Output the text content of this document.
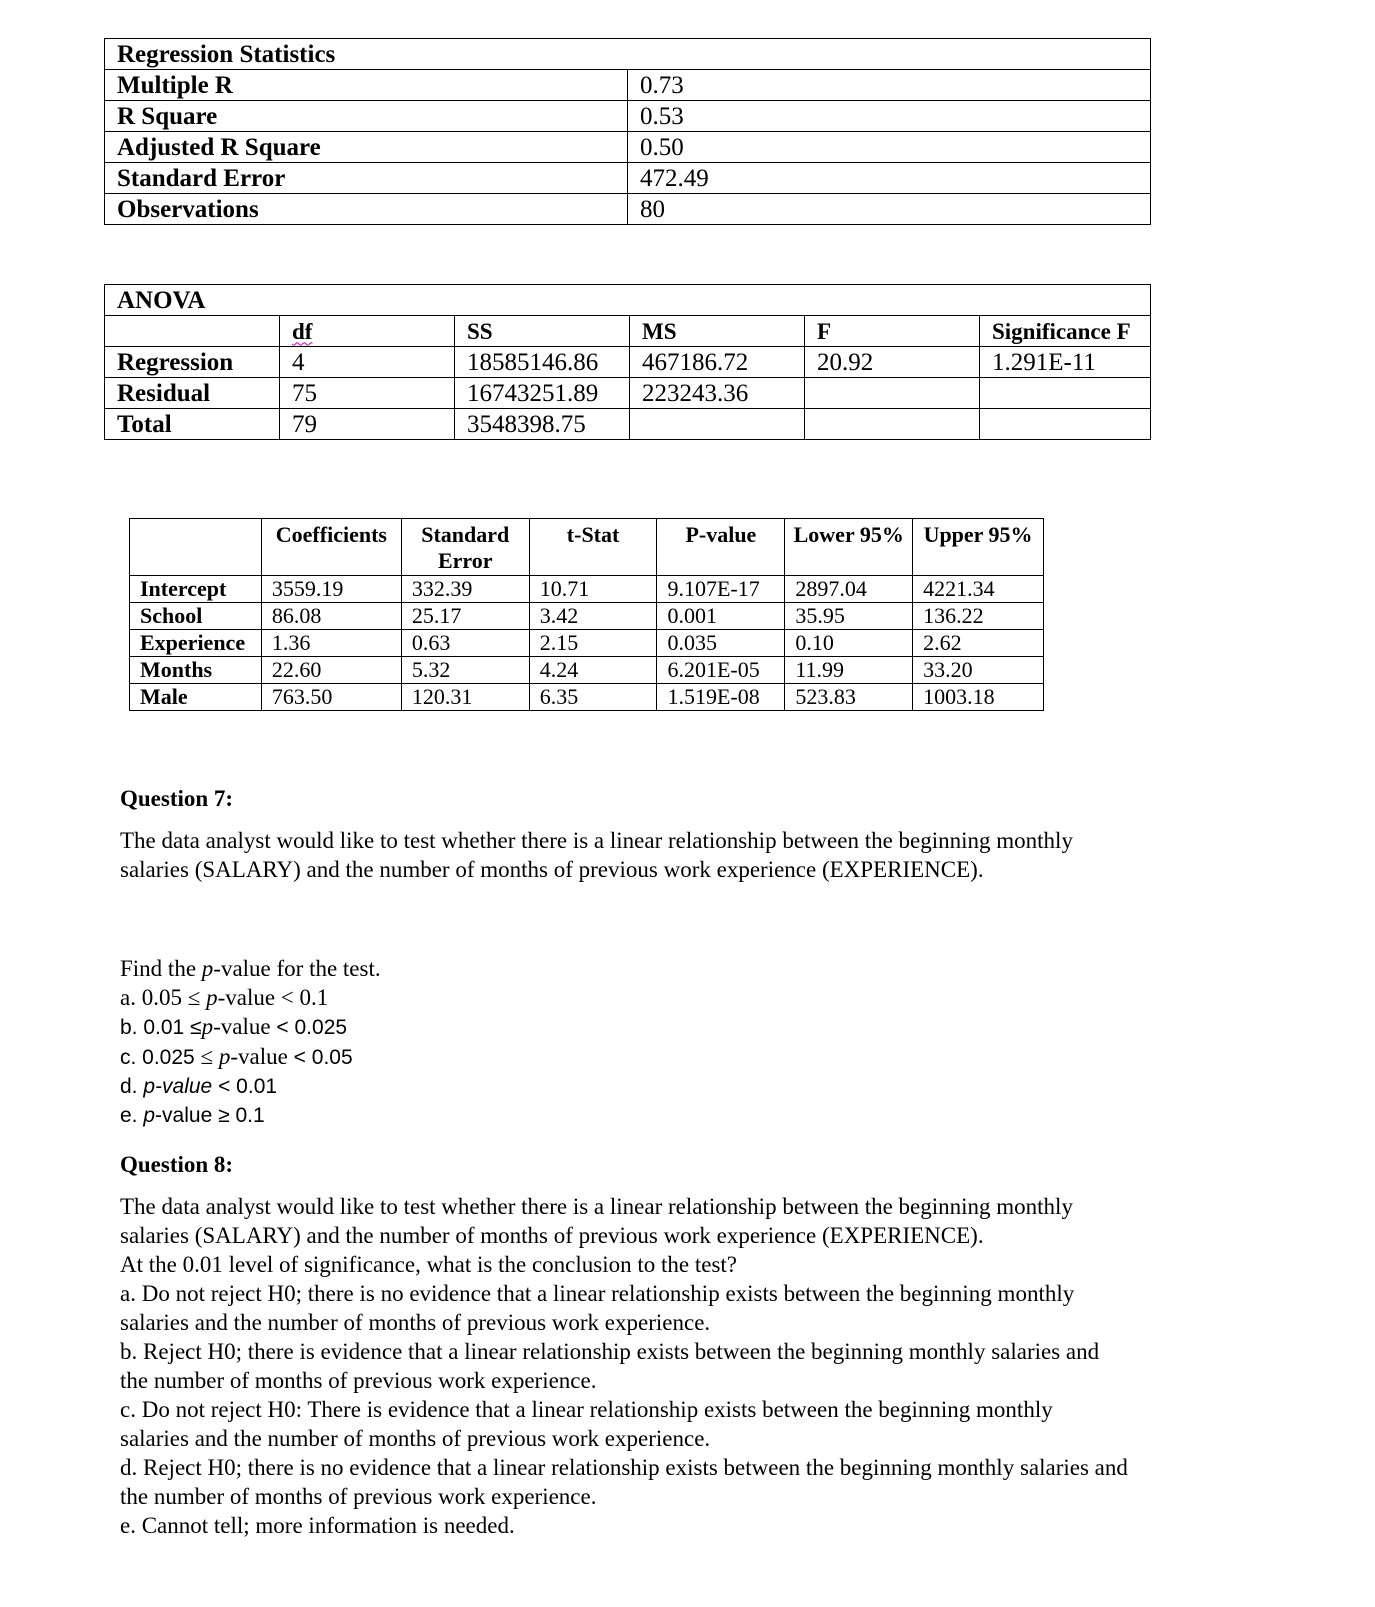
Regression Statistics	
Multiple R	0.73
R Square	0.53
Adjusted R Square	0.50
Standard Error	472.49
Observations	80
ANOVA					
	df	SS	MS	F	Significance F
Regression	4	18585146.86	467186.72	20.92	1.291E-11
Residual	75	16743251.89	223243.36		
Total	79	3548398.75			
	Coefficients	Standard Error	t-Stat	P-value	Lower 95%	Upper 95%
Intercept	3559.19	332.39	10.71	9.107E-17	2897.04	4221.34
School	86.08	25.17	3.42	0.001	35.95	136.22
Experience	1.36	0.63	2.15	0.035	0.10	2.62
Months	22.60	5.32	4.24	6.201E-05	11.99	33.20
Male	763.50	120.31	6.35	1.519E-08	523.83	1003.18
Question 7:
The data analyst would like to test whether there is a linear relationship between the beginning monthly salaries (SALARY) and the number of months of previous work experience (EXPERIENCE).
Find the p-value for the test.
a. 0.05 ≤ p-value < 0.1
b. 0.01 ≤p-value < 0.025
c. 0.025 ≤ p-value < 0.05
d. p-value < 0.01
e. p-value ≥ 0.1
Question 8:
The data analyst would like to test whether there is a linear relationship between the beginning monthly salaries (SALARY) and the number of months of previous work experience (EXPERIENCE).
At the 0.01 level of significance, what is the conclusion to the test?
a. Do not reject H0; there is no evidence that a linear relationship exists between the beginning monthly salaries and the number of months of previous work experience.
b. Reject H0; there is evidence that a linear relationship exists between the beginning monthly salaries and the number of months of previous work experience.
c. Do not reject H0: There is evidence that a linear relationship exists between the beginning monthly salaries and the number of months of previous work experience.
d. Reject H0; there is no evidence that a linear relationship exists between the beginning monthly salaries and the number of months of previous work experience.
e. Cannot tell; more information is needed.
